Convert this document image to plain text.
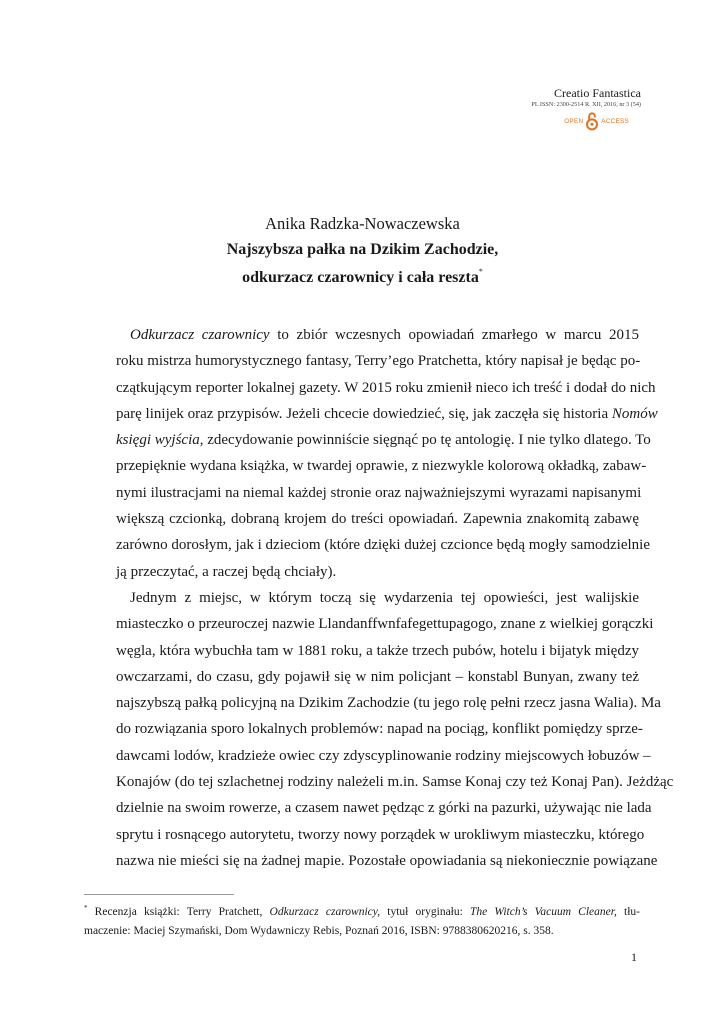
Creatio Fantastica
PL ISSN: 2300-2514 R. XII, 2016, nr 3 (54)
OPEN	ACCESS
Anika Radzka-Nowaczewska
Najszybsza pałka na Dzikim Zachodzie,
odkurzacz czarownicy i cała reszta*
Odkurzacz czarownicy to zbiór wczesnych opowiadań zmarłego w marcu 2015
roku mistrza humorystycznego fantasy, Terry’ego Pratchetta, który napisał je będąc po-
czątkującym reporter lokalnej gazety. W 2015 roku zmienił nieco ich treść i dodał do nich
parę linijek oraz przypisów. Jeżeli chcecie dowiedzieć, się, jak zaczęła się historia Nomów
księgi wyjścia, zdecydowanie powinniście sięgnąć po tę antologię. I nie tylko dlatego. To
przepięknie wydana książka, w twardej oprawie, z niezwykle kolorową okładką, zabaw-
nymi ilustracjami na niemal każdej stronie oraz najważniejszymi wyrazami napisanymi
większą czcionką, dobraną krojem do treści opowiadań. Zapewnia znakomitą zabawę
zarówno dorosłym, jak i dzieciom (które dzięki dużej czcionce będą mogły samodzielnie
ją przeczytać, a raczej będą chciały).
Jednym z miejsc, w którym toczą się wydarzenia tej opowieści, jest walijskie
miasteczko o przeuroczej nazwie Llandanffwnfafegettupagogo, znane z wielkiej gorączki
węgla, która wybuchła tam w 1881 roku, a także trzech pubów, hotelu i bijatyk między
owczarzami, do czasu, gdy pojawił się w nim policjant – konstabl Bunyan, zwany też
najszybszą pałką policyjną na Dzikim Zachodzie (tu jego rolę pełni rzecz jasna Walia). Ma
do rozwiązania sporo lokalnych problemów: napad na pociąg, konflikt pomiędzy sprze-
dawcami lodów, kradzieże owiec czy zdyscyplinowanie rodziny miejscowych łobuzów –
Konajów (do tej szlachetnej rodziny należeli m.in. Samse Konaj czy też Konaj Pan). Jeżdżąc
dzielnie na swoim rowerze, a czasem nawet pędząc z górki na pazurki, używając nie lada
sprytu i rosnącego autorytetu, tworzy nowy porządek w urokliwym miasteczku, którego
nazwa nie mieści się na żadnej mapie. Pozostałe opowiadania są niekoniecznie powiązane
* Recenzja książki: Terry Pratchett, Odkurzacz czarownicy, tytuł oryginału: The Witch’s Vacuum Cleaner, tłu-
maczenie: Maciej Szymański, Dom Wydawniczy Rebis, Poznań 2016, ISBN: 9788380620216, s. 358.
1
